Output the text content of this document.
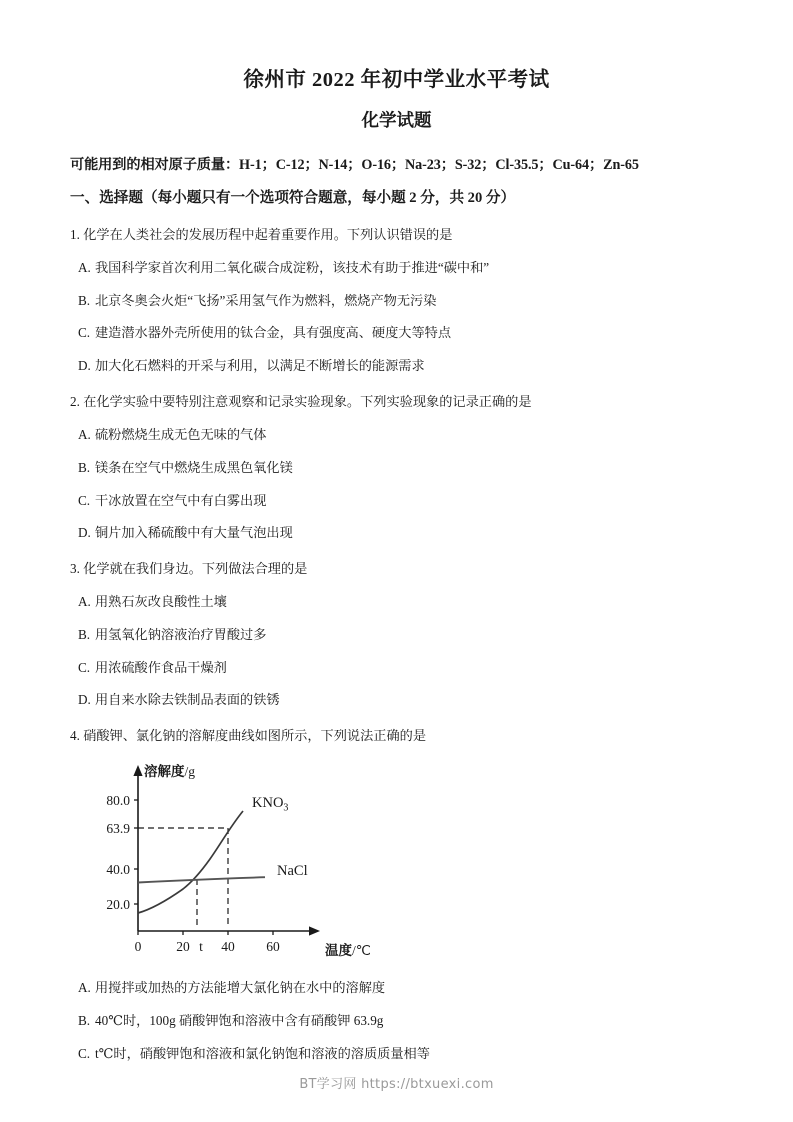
徐州市 2022 年初中学业水平考试
化学试题
可能用到的相对原子质量：H-1；C-12；N-14；O-16；Na-23；S-32；Cl-35.5；Cu-64；Zn-65
一、选择题（每小题只有一个选项符合题意，每小题 2 分，共 20 分）
1. 化学在人类社会的发展历程中起着重要作用。下列认识错误的是
A. 我国科学家首次利用二氧化碳合成淀粉，该技术有助于推进“碳中和”
B. 北京冬奥会火炬“飞扬”采用氢气作为燃料，燃烧产物无污染
C. 建造潜水器外壳所使用的钛合金，具有强度高、硬度大等特点
D. 加大化石燃料的开采与利用，以满足不断增长的能源需求
2. 在化学实验中要特别注意观察和记录实验现象。下列实验现象的记录正确的是
A. 硫粉燃烧生成无色无味的气体
B. 镁条在空气中燃烧生成黑色氧化镁
C. 干冰放置在空气中有白雾出现
D. 铜片加入稀硫酸中有大量气泡出现
3. 化学就在我们身边。下列做法合理的是
A. 用熟石灰改良酸性土壤
B. 用氢氧化钠溶液治疗胃酸过多
C. 用浓硫酸作食品干燥剂
D. 用自来水除去铁制品表面的铁锈
4. 硝酸钾、氯化钠的溶解度曲线如图所示，下列说法正确的是
溶解度/g
温度/℃
80.0
63.9
40.0
20.0
0	20 t 40 60
$KNO_3$
NaCl
A. 用搅拌或加热的方法能增大氯化钠在水中的溶解度
B. 40℃时，100g 硝酸钾饱和溶液中含有硝酸钾 63.9g
C. t℃时，硝酸钾饱和溶液和氯化钠饱和溶液的溶质质量相等
BT学习网 https://btxuexi.com
